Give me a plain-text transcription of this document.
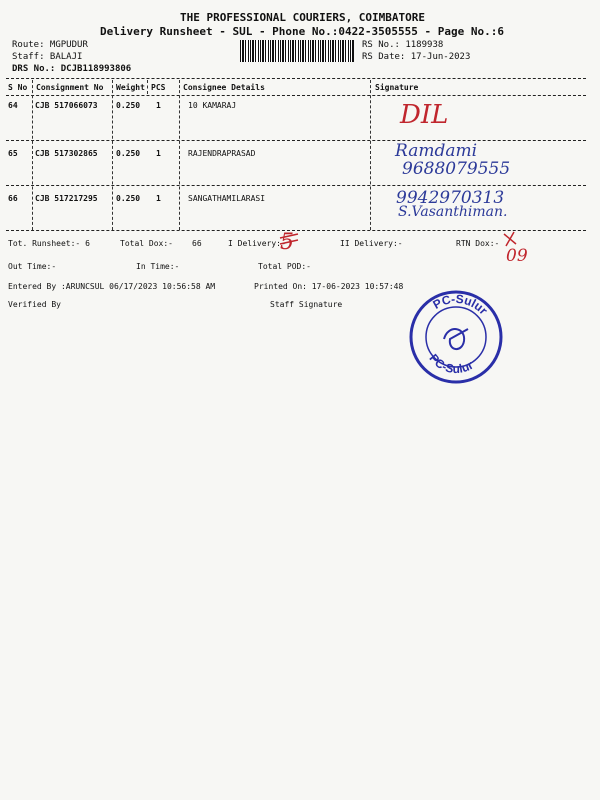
THE PROFESSIONAL COURIERS, COIMBATORE
Delivery Runsheet - SUL - Phone No.:0422-3505555 - Page No.:6
Route: MGPUDUR
Staff: BALAJI
DRS No.: DCJB118993806
RS No.: 1189938
RS Date: 17-Jun-2023
S No Consignment No Weight PCS Consignee Details	Signature
64 CJB 517066073 0.250 1	10 KAMARAJ	DIL
65 CJB 517302865 0.250 1	RAJENDRAPRASAD	Ramdami
9688079555
66 CJB 517217295 0.250 1	SANGATHAMILARASI	9942970313
S.Vasanthiman.
Tot. Runsheet:- 6	Total Dox:- 66	I Delivery:-
5	II Delivery:-	RTN Dox:-
09
Out Time:-	In Time:-	Total POD:-
Entered By :ARUNCSUL 06/17/2023 10:56:58 AM	Printed On: 17-06-2023 10:57:48
Verified By	Staff Signature	PC-Sulur
PC-Sulur
